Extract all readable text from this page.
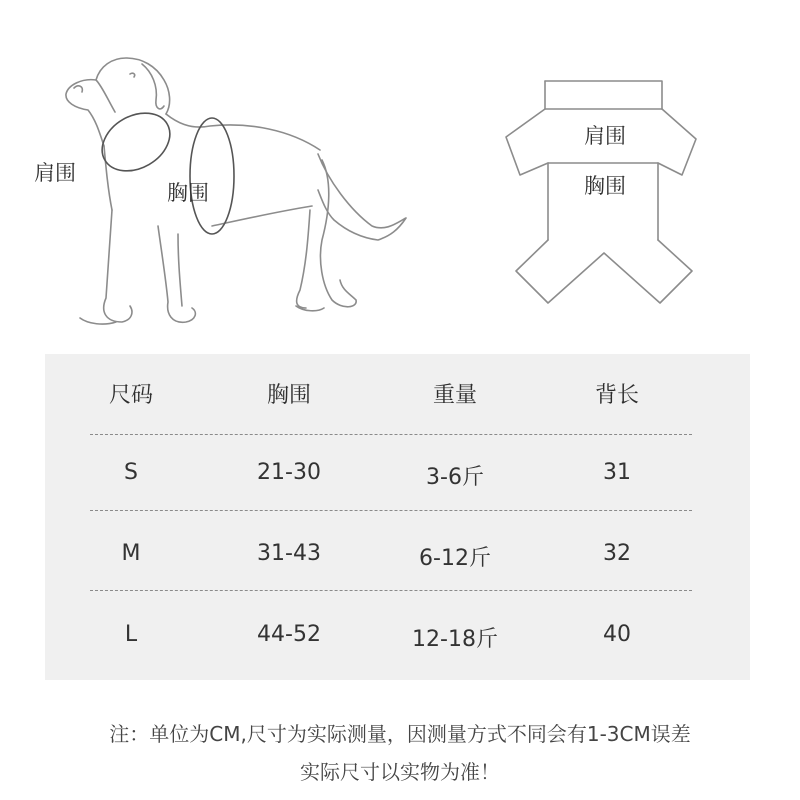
肩围
胸围
肩围
胸围
尺码	胸围	重量	背长
S	21-30	3-6斤	31
M	31-43	6-12斤	32
L	44-52	12-18斤	40
注：单位为CM,尺寸为实际测量，因测量方式不同会有1-3CM误差
实际尺寸以实物为准！
